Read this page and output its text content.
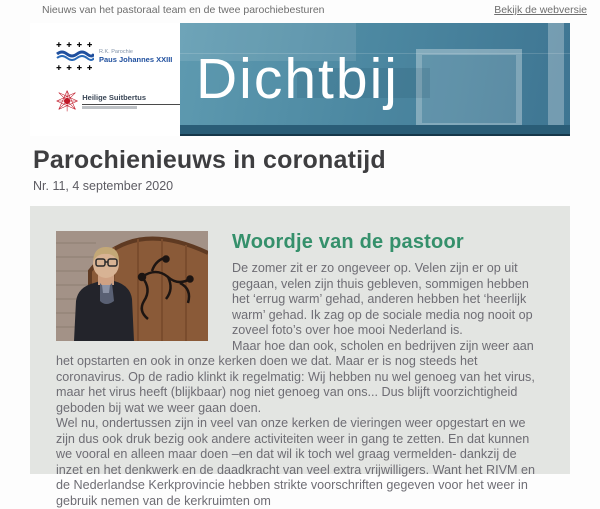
Nieuws van het pastoraal team en de twee parochiebesturen	Bekijk de webversie
✚ ✚ ✚ ✚
✚ ✚ ✚ ✚
R.K. Parochie
Paus Johannes XXIII
Heilige Suitbertus Dichtbij
Parochienieuws in coronatijd
Nr. 11, 4 september 2020
Woordje van de pastoor
De zomer zit er zo ongeveer op. Velen zijn er op uit gegaan, velen zijn thuis gebleven, sommigen hebben het ‘errug warm’ gehad, anderen hebben het ‘heerlijk warm’ gehad. Ik zag op de sociale media nog nooit op zoveel foto’s over hoe mooi Nederland is.
Maar hoe dan ook, scholen en bedrijven zijn weer aan het opstarten en ook in onze kerken doen we dat. Maar er is nog steeds het coronavirus. Op de radio klinkt ik regelmatig: Wij hebben nu wel genoeg van het virus, maar het virus heeft (blijkbaar) nog niet genoeg van ons... Dus blijft voorzichtigheid geboden bij wat we weer gaan doen.
Wel nu, ondertussen zijn in veel van onze kerken de vieringen weer opgestart en we zijn dus ook druk bezig ook andere activiteiten weer in gang te zetten. En dat kunnen we vooral en alleen maar doen –en dat wil ik toch wel graag vermelden- dankzij de inzet en het denkwerk en de daadkracht van veel extra vrijwilligers. Want het RIVM en de Nederlandse Kerkprovincie hebben strikte voorschriften gegeven voor het weer in gebruik nemen van de kerkruimten om
